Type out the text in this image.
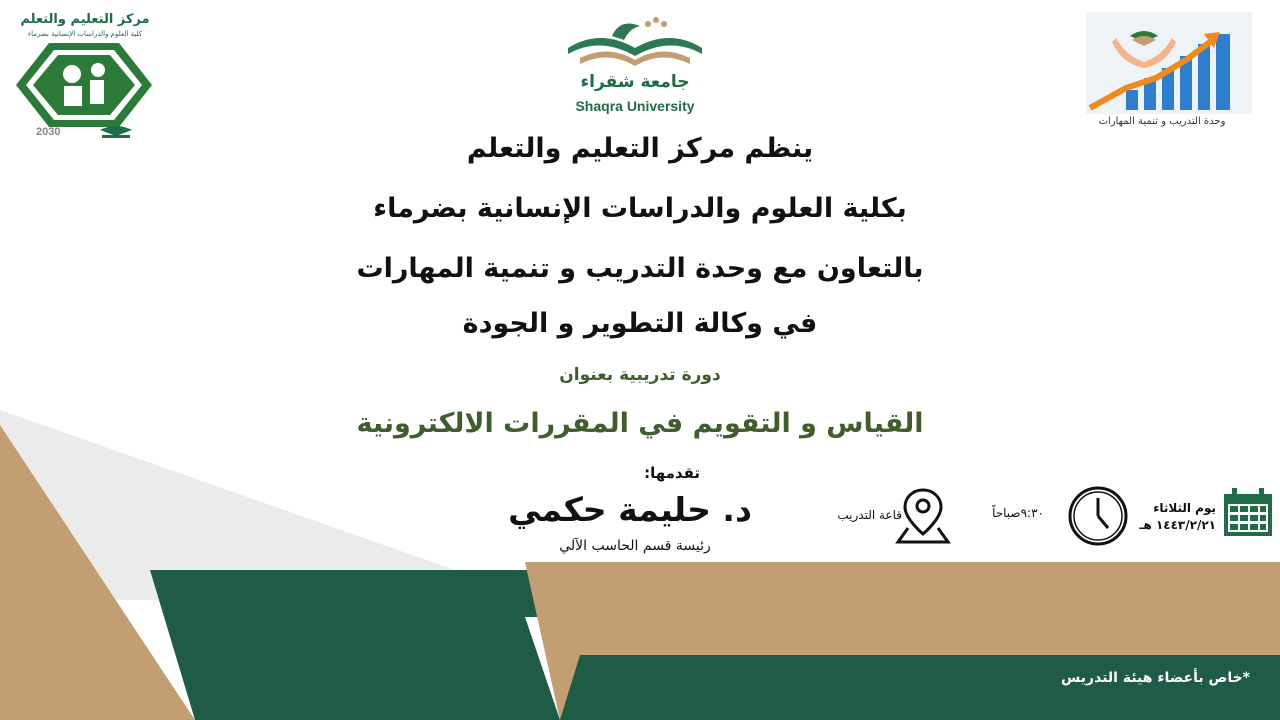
مركز التعليم والتعلم
كلية العلوم والدراسات الإنسانية بضرماء
2030
جامعة شقراء
Shaqra University
وحدة التدريب و تنمية المهارات
ينظم مركز التعليم والتعلم
بكلية العلوم والدراسات الإنسانية بضرماء
بالتعاون مع وحدة التدريب و تنمية المهارات
في وكالة التطوير و الجودة
دورة تدريبية بعنوان
القياس و التقويم في المقررات الالكترونية
تقدمها:
د. حليمة حكمي
رئيسة قسم الحاسب الآلي
قاعة التدريب	٩:٣٠صباحاً	يوم الثلاثاء
١٤٤٣/٢/٢١ هـ
*خاص بأعضاء هيئة التدريس
